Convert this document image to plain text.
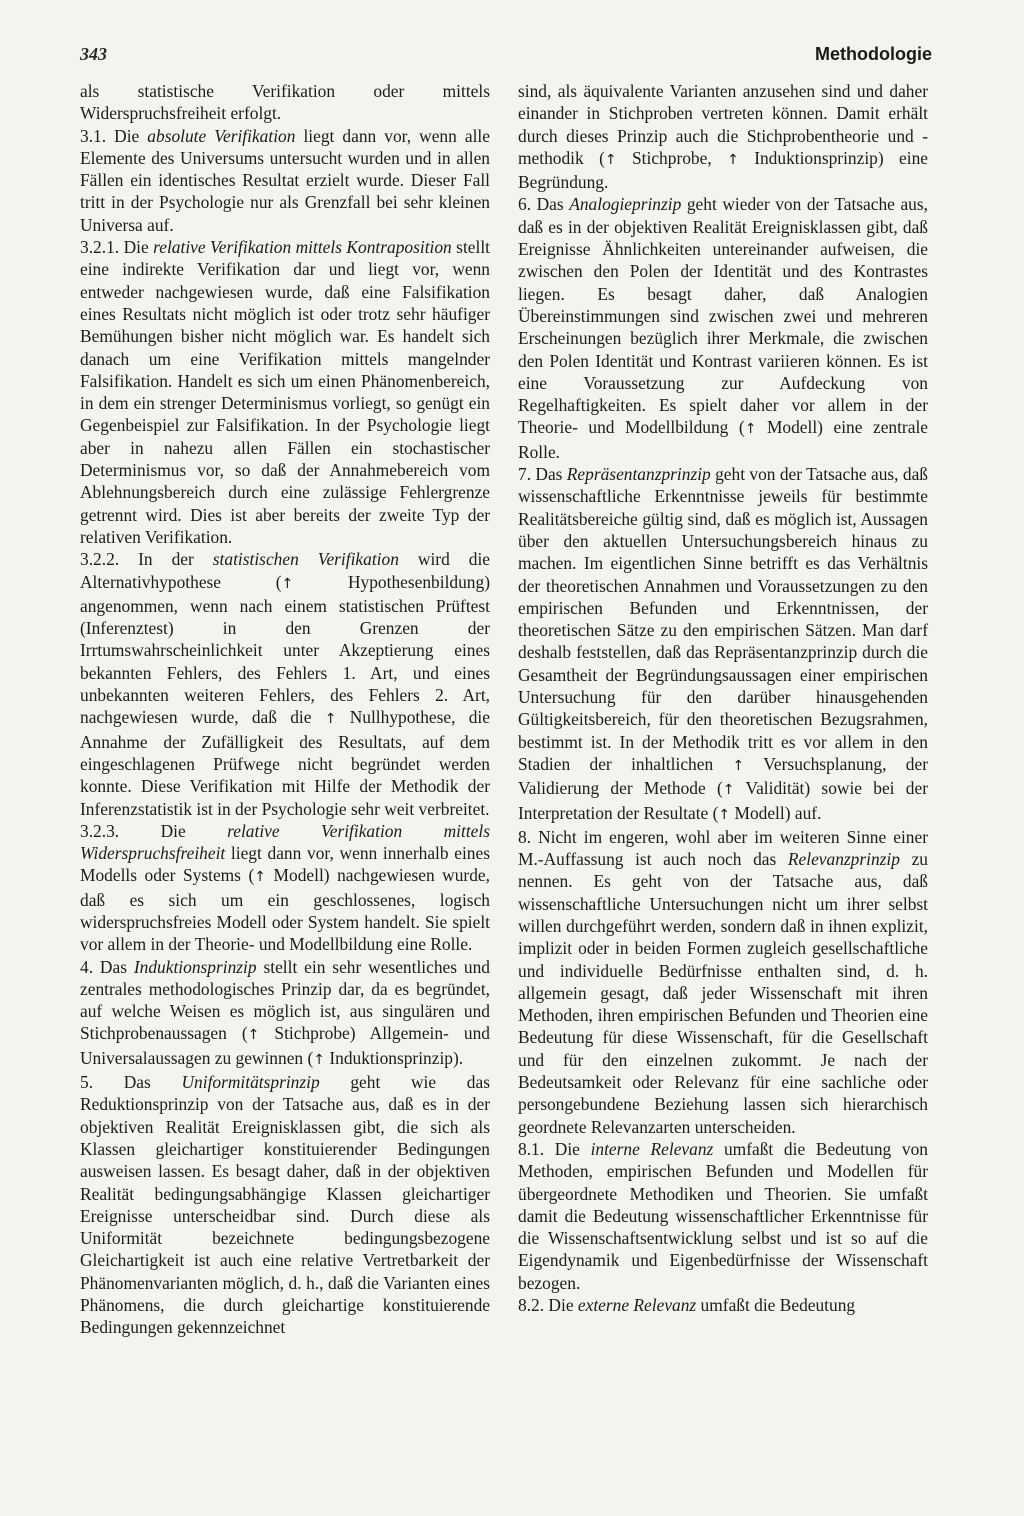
343	Methodologie

als statistische Verifikation oder mittels Widerspruchsfreiheit erfolgt.

3.1. Die absolute Verifikation liegt dann vor, wenn alle Elemente des Universums untersucht wurden und in allen Fällen ein identisches Resultat erzielt wurde. Dieser Fall tritt in der Psychologie nur als Grenzfall bei sehr kleinen Universa auf.

3.2.1. Die relative Verifikation mittels Kontraposition stellt eine indirekte Verifikation dar und liegt vor, wenn entweder nachgewiesen wurde, daß eine Falsifikation eines Resultats nicht möglich ist oder trotz sehr häufiger Bemühungen bisher nicht möglich war. Es handelt sich danach um eine Verifikation mittels mangelnder Falsifikation. Handelt es sich um einen Phänomenbereich, in dem ein strenger Determinismus vorliegt, so genügt ein Gegenbeispiel zur Falsifikation. In der Psychologie liegt aber in nahezu allen Fällen ein stochastischer Determinismus vor, so daß der Annahmebereich vom Ablehnungsbereich durch eine zulässige Fehlergrenze getrennt wird. Dies ist aber bereits der zweite Typ der relativen Verifikation.

3.2.2. In der statistischen Verifikation wird die Alternativhypothese (↑ Hypothesenbildung) angenommen, wenn nach einem statistischen Prüftest (Inferenztest) in den Grenzen der Irrtumswahrscheinlichkeit unter Akzeptierung eines bekannten Fehlers, des Fehlers 1. Art, und eines unbekannten weiteren Fehlers, des Fehlers 2. Art, nachgewiesen wurde, daß die ↑ Nullhypothese, die Annahme der Zufälligkeit des Resultats, auf dem eingeschlagenen Prüfwege nicht begründet werden konnte. Diese Verifikation mit Hilfe der Methodik der Inferenzstatistik ist in der Psychologie sehr weit verbreitet.

3.2.3. Die relative Verifikation mittels Widerspruchsfreiheit liegt dann vor, wenn innerhalb eines Modells oder Systems (↑ Modell) nachgewiesen wurde, daß es sich um ein geschlossenes, logisch widerspruchsfreies Modell oder System handelt. Sie spielt vor allem in der Theorie- und Modellbildung eine Rolle.

4. Das Induktionsprinzip stellt ein sehr wesentliches und zentrales methodologisches Prinzip dar, da es begründet, auf welche Weisen es möglich ist, aus singulären und Stichprobenaussagen (↑ Stichprobe) Allgemein- und Universalaussagen zu gewinnen (↑ Induktionsprinzip).

5. Das Uniformitätsprinzip geht wie das Reduktionsprinzip von der Tatsache aus, daß es in der objektiven Realität Ereignisklassen gibt, die sich als Klassen gleichartiger konstituierender Bedingungen ausweisen lassen. Es besagt daher, daß in der objektiven Realität bedingungsabhängige Klassen gleichartiger Ereignisse unterscheidbar sind. Durch diese als Uniformität bezeichnete bedingungsbezogene Gleichartigkeit ist auch eine relative Vertretbarkeit der Phänomenvarianten möglich, d. h., daß die Varianten eines Phänomens, die durch gleichartige konstituierende Bedingungen gekennzeichnet

sind, als äquivalente Varianten anzusehen sind und daher einander in Stichproben vertreten können. Damit erhält durch dieses Prinzip auch die Stichprobentheorie und -methodik (↑ Stichprobe, ↑ Induktionsprinzip) eine Begründung.

6. Das Analogieprinzip geht wieder von der Tatsache aus, daß es in der objektiven Realität Ereignisklassen gibt, daß Ereignisse Ähnlichkeiten untereinander aufweisen, die zwischen den Polen der Identität und des Kontrastes liegen. Es besagt daher, daß Analogien Übereinstimmungen sind zwischen zwei und mehreren Erscheinungen bezüglich ihrer Merkmale, die zwischen den Polen Identität und Kontrast variieren können. Es ist eine Voraussetzung zur Aufdeckung von Regelhaftigkeiten. Es spielt daher vor allem in der Theorie- und Modellbildung (↑ Modell) eine zentrale Rolle.

7. Das Repräsentanzprinzip geht von der Tatsache aus, daß wissenschaftliche Erkenntnisse jeweils für bestimmte Realitätsbereiche gültig sind, daß es möglich ist, Aussagen über den aktuellen Untersuchungsbereich hinaus zu machen. Im eigentlichen Sinne betrifft es das Verhältnis der theoretischen Annahmen und Voraussetzungen zu den empirischen Befunden und Erkenntnissen, der theoretischen Sätze zu den empirischen Sätzen. Man darf deshalb feststellen, daß das Repräsentanzprinzip durch die Gesamtheit der Begründungsaussagen einer empirischen Untersuchung für den darüber hinausgehenden Gültigkeitsbereich, für den theoretischen Bezugsrahmen, bestimmt ist. In der Methodik tritt es vor allem in den Stadien der inhaltlichen ↑ Versuchsplanung, der Validierung der Methode (↑ Validität) sowie bei der Interpretation der Resultate (↑ Modell) auf.

8. Nicht im engeren, wohl aber im weiteren Sinne einer M.-Auffassung ist auch noch das Relevanzprinzip zu nennen. Es geht von der Tatsache aus, daß wissenschaftliche Untersuchungen nicht um ihrer selbst willen durchgeführt werden, sondern daß in ihnen explizit, implizit oder in beiden Formen zugleich gesellschaftliche und individuelle Bedürfnisse enthalten sind, d. h. allgemein gesagt, daß jeder Wissenschaft mit ihren Methoden, ihren empirischen Befunden und Theorien eine Bedeutung für diese Wissenschaft, für die Gesellschaft und für den einzelnen zukommt. Je nach der Bedeutsamkeit oder Relevanz für eine sachliche oder persongebundene Beziehung lassen sich hierarchisch geordnete Relevanzarten unterscheiden.

8.1. Die interne Relevanz umfaßt die Bedeutung von Methoden, empirischen Befunden und Modellen für übergeordnete Methodiken und Theorien. Sie umfaßt damit die Bedeutung wissenschaftlicher Erkenntnisse für die Wissenschaftsentwicklung selbst und ist so auf die Eigendynamik und Eigenbedürfnisse der Wissenschaft bezogen.

8.2. Die externe Relevanz umfaßt die Bedeutung
